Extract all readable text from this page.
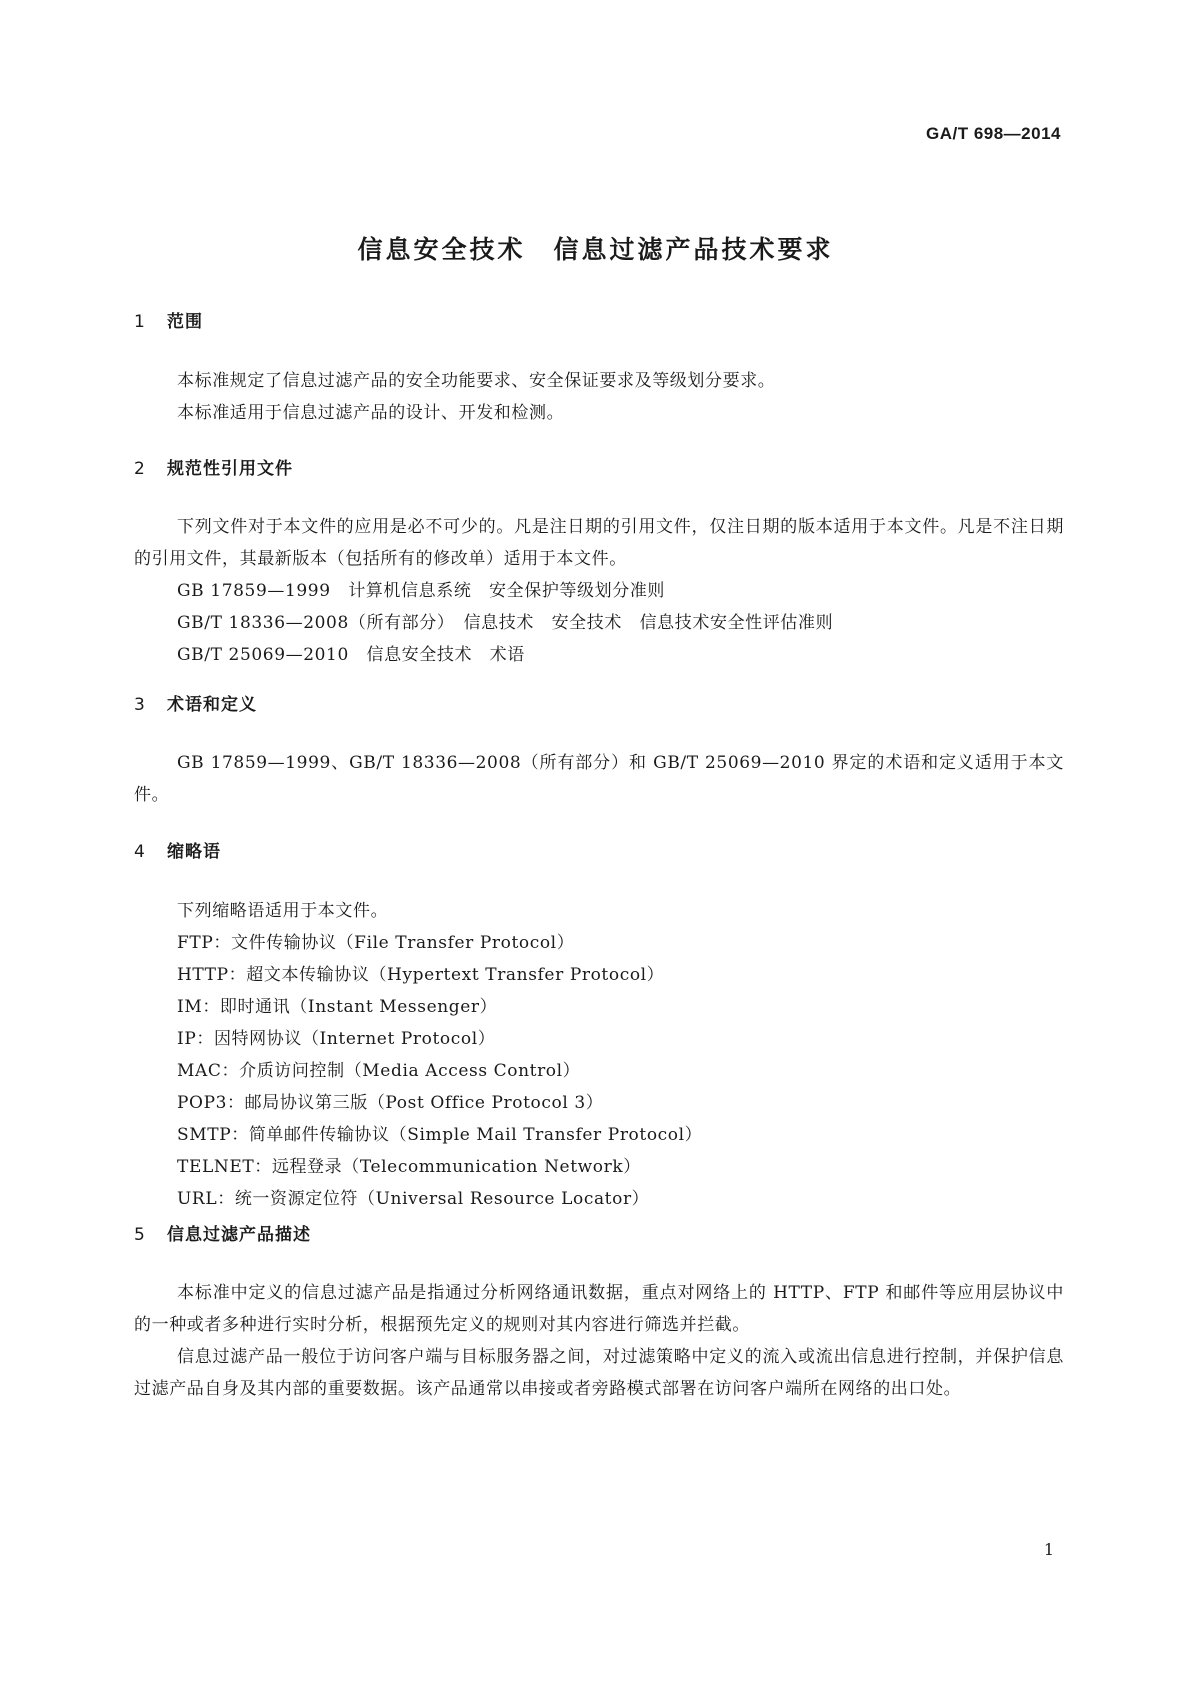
GA/T 698—2014
信息安全技术 信息过滤产品技术要求
1 范围

本标准规定了信息过滤产品的安全功能要求、安全保证要求及等级划分要求。

本标准适用于信息过滤产品的设计、开发和检测。

2 规范性引用文件

下列文件对于本文件的应用是必不可少的。凡是注日期的引用文件，仅注日期的版本适用于本文件。凡是不注日期的引用文件，其最新版本（包括所有的修改单）适用于本文件。

GB 17859—1999　计算机信息系统　安全保护等级划分准则
GB/T 18336—2008（所有部分）　信息技术　安全技术　信息技术安全性评估准则
GB/T 25069—2010　信息安全技术　术语
3 术语和定义

GB 17859—1999、GB/T 18336—2008（所有部分）和 GB/T 25069—2010 界定的术语和定义适用于本文件。

4 缩略语

下列缩略语适用于本文件。

FTP：文件传输协议（File Transfer Protocol）
HTTP：超文本传输协议（Hypertext Transfer Protocol）
IM：即时通讯（Instant Messenger）
IP：因特网协议（Internet Protocol）
MAC：介质访问控制（Media Access Control）
POP3：邮局协议第三版（Post Office Protocol 3）
SMTP：简单邮件传输协议（Simple Mail Transfer Protocol）
TELNET：远程登录（Telecommunication Network）
URL：统一资源定位符（Universal Resource Locator）
5 信息过滤产品描述

本标准中定义的信息过滤产品是指通过分析网络通讯数据，重点对网络上的 HTTP、FTP 和邮件等应用层协议中的一种或者多种进行实时分析，根据预先定义的规则对其内容进行筛选并拦截。

信息过滤产品一般位于访问客户端与目标服务器之间，对过滤策略中定义的流入或流出信息进行控制，并保护信息过滤产品自身及其内部的重要数据。该产品通常以串接或者旁路模式部署在访问客户端所在网络的出口处。

1
